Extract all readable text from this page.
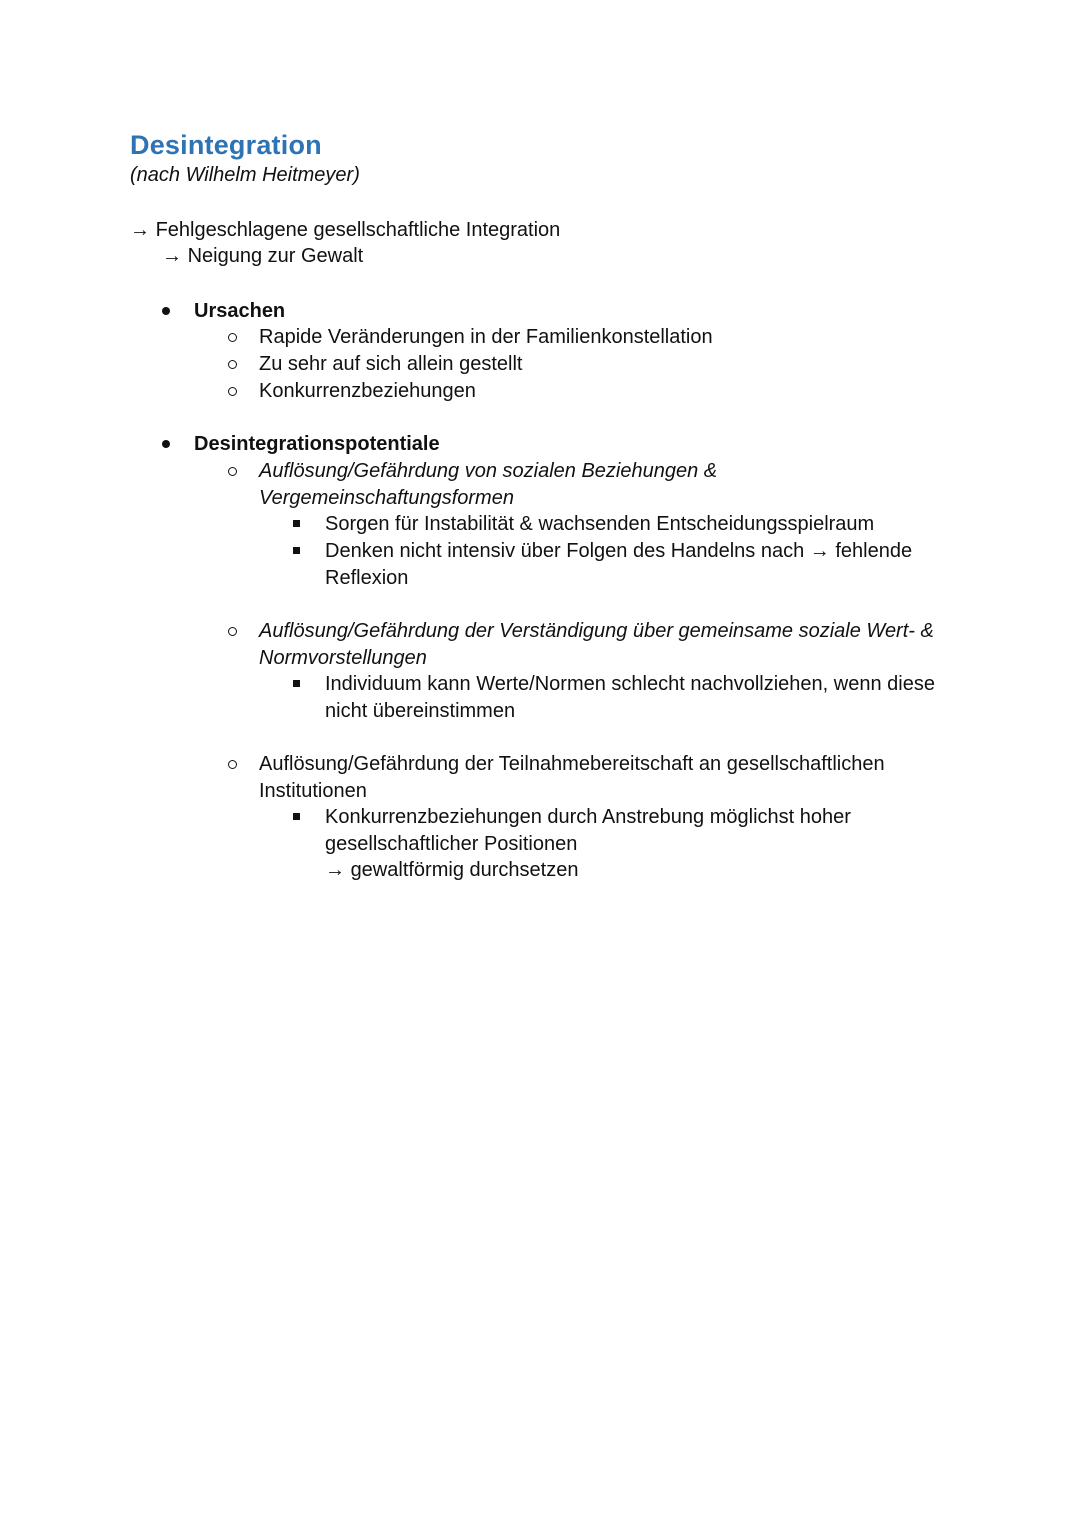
Desintegration

(nach Wilhelm Heitmeyer)

→ Fehlgeschlagene gesellschaftliche Integration
→ Neigung zur Gewalt
Ursachen
Rapide Veränderungen in der Familienkonstellation
Zu sehr auf sich allein gestellt
Konkurrenzbeziehungen
Desintegrationspotentiale
Auflösung/Gefährdung von sozialen Beziehungen &
Vergemeinschaftungsformen
Sorgen für Instabilität & wachsenden Entscheidungsspielraum
Denken nicht intensiv über Folgen des Handelns nach → fehlende
Reflexion
Auflösung/Gefährdung der Verständigung über gemeinsame soziale Wert- &
Normvorstellungen
Individuum kann Werte/Normen schlecht nachvollziehen, wenn diese
nicht übereinstimmen
Auflösung/Gefährdung der Teilnahmebereitschaft an gesellschaftlichen
Institutionen
Konkurrenzbeziehungen durch Anstrebung möglichst hoher
gesellschaftlicher Positionen
→ gewaltförmig durchsetzen
